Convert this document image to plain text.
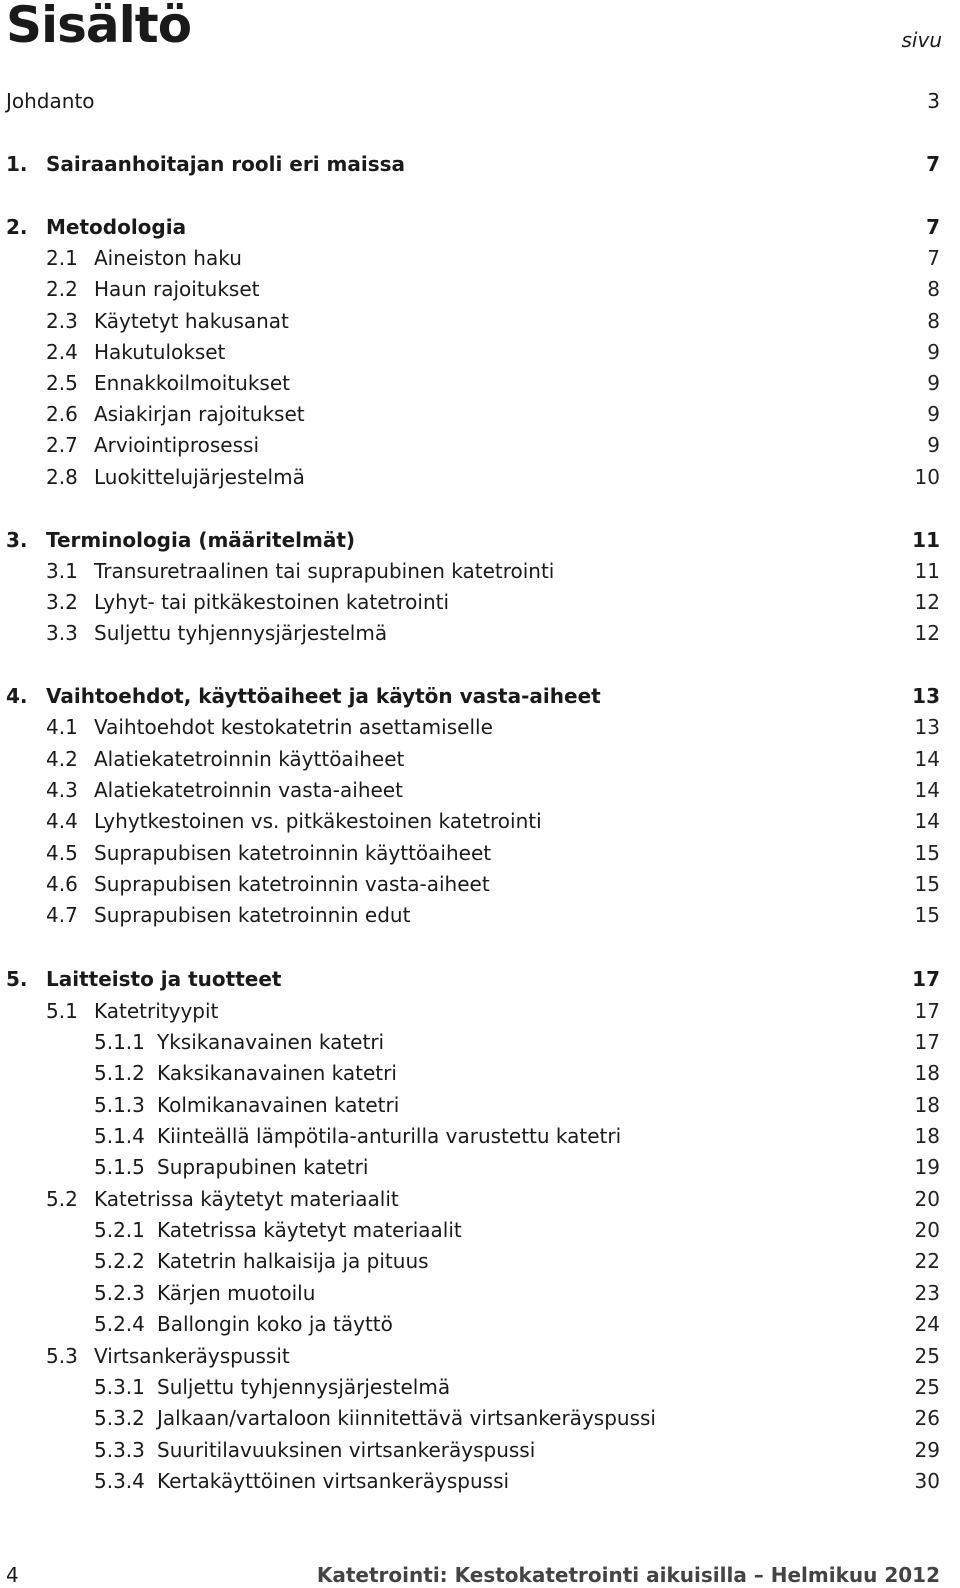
Sisältö	sivu
Johdanto	3
1. Sairaanhoitajan rooli eri maissa	7
2. Metodologia	7
2.1 Aineiston haku	7
2.2 Haun rajoitukset	8
2.3 Käytetyt hakusanat	8
2.4 Hakutulokset	9
2.5 Ennakkoilmoitukset	9
2.6 Asiakirjan rajoitukset	9
2.7 Arviointiprosessi	9
2.8 Luokittelujärjestelmä	10
3. Terminologia (määritelmät)	11
3.1 Transuretraalinen tai suprapubinen katetrointi	11
3.2 Lyhyt- tai pitkäkestoinen katetrointi	12
3.3 Suljettu tyhjennysjärjestelmä	12
4. Vaihtoehdot, käyttöaiheet ja käytön vasta-aiheet	13
4.1 Vaihtoehdot kestokatetrin asettamiselle	13
4.2 Alatiekatetroinnin käyttöaiheet	14
4.3 Alatiekatetroinnin vasta-aiheet	14
4.4 Lyhytkestoinen vs. pitkäkestoinen katetrointi	14
4.5 Suprapubisen katetroinnin käyttöaiheet	15
4.6 Suprapubisen katetroinnin vasta-aiheet	15
4.7 Suprapubisen katetroinnin edut	15
5. Laitteisto ja tuotteet	17
5.1 Katetrityypit	17
5.1.1 Yksikanavainen katetri	17
5.1.2 Kaksikanavainen katetri	18
5.1.3 Kolmikanavainen katetri	18
5.1.4 Kiinteällä lämpötila-anturilla varustettu katetri	18
5.1.5 Suprapubinen katetri	19
5.2 Katetrissa käytetyt materiaalit	20
5.2.1 Katetrissa käytetyt materiaalit	20
5.2.2 Katetrin halkaisija ja pituus	22
5.2.3 Kärjen muotoilu	23
5.2.4 Ballongin koko ja täyttö	24
5.3 Virtsankeräyspussit	25
5.3.1 Suljettu tyhjennysjärjestelmä	25
5.3.2 Jalkaan/vartaloon kiinnitettävä virtsankeräyspussi	26
5.3.3 Suuritilavuuksinen virtsankeräyspussi	29
5.3.4 Kertakäyttöinen virtsankeräyspussi	30
4	Katetrointi: Kestokatetrointi aikuisilla – Helmikuu 2012
